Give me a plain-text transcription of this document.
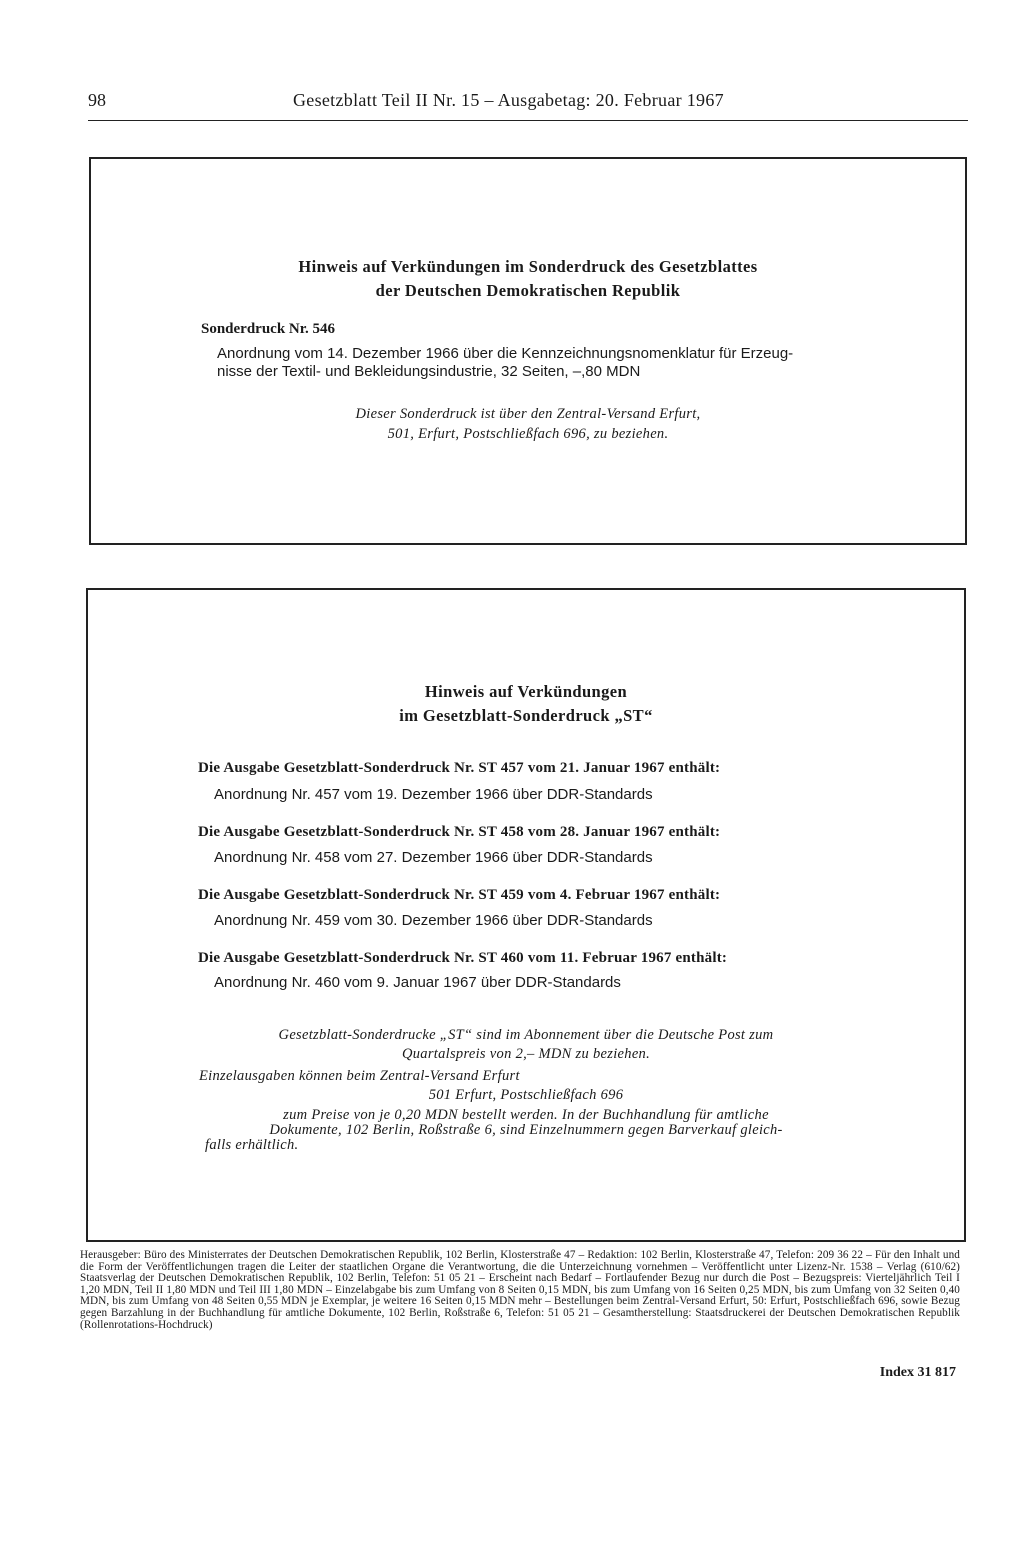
98	Gesetzblatt Teil II Nr. 15 – Ausgabetag: 20. Februar 1967
Hinweis auf Verkündungen im Sonderdruck des Gesetzblattes
der Deutschen Demokratischen Republik
Sonderdruck Nr. 546
Anordnung vom 14. Dezember 1966 über die Kennzeichnungsnomenklatur für Erzeug-
nisse der Textil- und Bekleidungsindustrie, 32 Seiten, –,80 MDN
Dieser Sonderdruck ist über den Zentral-Versand Erfurt,
501, Erfurt, Postschließfach 696, zu beziehen.
Hinweis auf Verkündungen
im Gesetzblatt-Sonderdruck „ST“
Die Ausgabe Gesetzblatt-Sonderdruck Nr. ST 457 vom 21. Januar 1967 enthält:
Anordnung Nr. 457 vom 19. Dezember 1966 über DDR-Standards
Die Ausgabe Gesetzblatt-Sonderdruck Nr. ST 458 vom 28. Januar 1967 enthält:
Anordnung Nr. 458 vom 27. Dezember 1966 über DDR-Standards
Die Ausgabe Gesetzblatt-Sonderdruck Nr. ST 459 vom 4. Februar 1967 enthält:
Anordnung Nr. 459 vom 30. Dezember 1966 über DDR-Standards
Die Ausgabe Gesetzblatt-Sonderdruck Nr. ST 460 vom 11. Februar 1967 enthält:
Anordnung Nr. 460 vom 9. Januar 1967 über DDR-Standards
Gesetzblatt-Sonderdrucke „ST“ sind im Abonnement über die Deutsche Post zum
Quartalspreis von 2,– MDN zu beziehen.
Einzelausgaben können beim Zentral-Versand Erfurt
501 Erfurt, Postschließfach 696
zum Preise von je 0,20 MDN bestellt werden. In der Buchhandlung für amtliche
Dokumente, 102 Berlin, Roßstraße 6, sind Einzelnummern gegen Barverkauf gleich-
falls erhältlich.
Herausgeber: Büro des Ministerrates der Deutschen Demokratischen Republik, 102 Berlin, Klosterstraße 47 – Redaktion: 102 Berlin, Klosterstraße 47, Telefon: 209 36 22 – Für den Inhalt und die Form der Veröffentlichungen tragen die Leiter der staatlichen Organe die Verantwortung, die die Unterzeichnung vornehmen – Veröffentlicht unter Lizenz-Nr. 1538 – Verlag (610/62) Staatsverlag der Deutschen Demokratischen Republik, 102 Berlin, Telefon: 51 05 21 – Erscheint nach Bedarf – Fortlaufender Bezug nur durch die Post – Bezugspreis: Vierteljährlich Teil I 1,20 MDN, Teil II 1,80 MDN und Teil III 1,80 MDN – Einzelabgabe bis zum Umfang von 8 Seiten 0,15 MDN, bis zum Umfang von 16 Seiten 0,25 MDN, bis zum Umfang von 32 Seiten 0,40 MDN, bis zum Umfang von 48 Seiten 0,55 MDN je Exemplar, je weitere 16 Seiten 0,15 MDN mehr – Bestellungen beim Zentral-Versand Erfurt, 50: Erfurt, Postschließfach 696, sowie Bezug gegen Barzahlung in der Buchhandlung für amtliche Dokumente, 102 Berlin, Roßstraße 6, Telefon: 51 05 21 – Gesamtherstellung: Staatsdruckerei der Deutschen Demokratischen Republik (Rollenrotations-Hochdruck)
Index 31 817
